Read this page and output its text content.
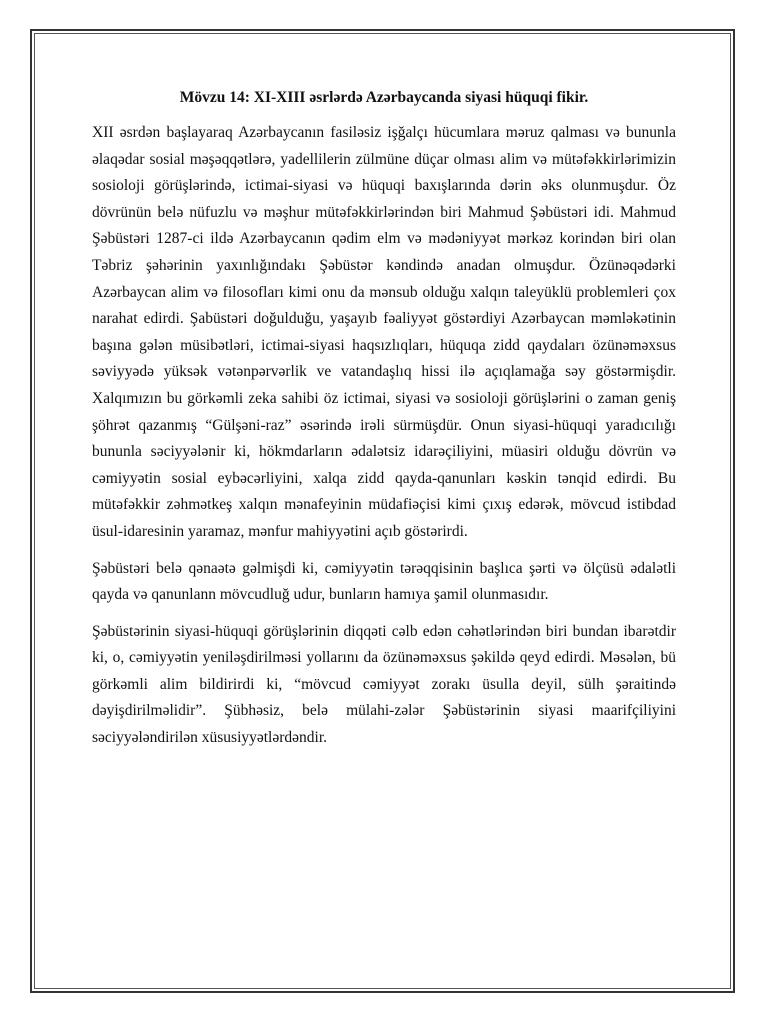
Mövzu 14: XI-XIII əsrlərdə Azərbaycanda siyasi hüquqi fikir.

XII əsrdən başlayaraq Azərbaycanın fasiləsiz işğalçı hücumlara məruz qalması və bununla əlaqədar sosial məşəqqətlərə, yadellilerin zülmüne düçar olması alim və mütəfəkkirlərimizin sosioloji görüşlərində, ictimai-siyasi və hüquqi baxışlarında dərin əks olunmuşdur. Öz dövrünün belə nüfuzlu və məşhur mütəfəkkirlərindən biri Mahmud Şəbüstəri idi. Mahmud Şəbüstəri 1287-ci ildə Azərbaycanın qədim elm və mədəniyyət mərkəz korindən biri olan Təbriz şəhərinin yaxınlığındakı Şəbüstər kəndində anadan olmuşdur. Özünəqədərki Azərbaycan alim və filosofları kimi onu da mənsub olduğu xalqın taleyüklü problemleri çox narahat edirdi. Şabüstəri doğulduğu, yaşayıb fəaliyyət göstərdiyi Azərbaycan məmləkətinin başına gələn müsibətləri, ictimai-siyasi haqsızlıqları, hüquqa zidd qaydaları özünəməxsus səviyyədə yüksək vətənpərvərlik ve vatandaşlıq hissi ilə açıqlamağa səy göstərmişdir. Xalqımızın bu görkəmli zeka sahibi öz ictimai, siyasi və sosioloji görüşlərini o zaman geniş şöhrət qazanmış “Gülşəni-raz” əsərində irəli sürmüşdür. Onun siyasi-hüquqi yaradıcılığı bununla səciyyələnir ki, hökmdarların ədalətsiz idarəçiliyini, müasiri olduğu dövrün və cəmiyyətin sosial eybəcərliyini, xalqa zidd qayda-qanunları kəskin tənqid edirdi. Bu mütəfəkkir zəhmətkeş xalqın mənafeyinin müdafiəçisi kimi çıxış edərək, mövcud istibdad üsul-idaresinin yaramaz, mənfur mahiyyətini açıb göstərirdi.

Şəbüstəri belə qənaətə gəlmişdi ki, cəmiyyətin tərəqqisinin başlıca şərti və ölçüsü ədalətli qayda və qanunlann mövcudluğ udur, bunların hamıya şamil olunmasıdır.

Şəbüstərinin siyasi-hüquqi görüşlərinin diqqəti cəlb edən cəhətlərindən biri bundan ibarətdir ki, o, cəmiyyətin yeniləşdirilməsi yollarını da özünəməxsus şəkildə qeyd edirdi. Məsələn, bü görkəmli alim bildirirdi ki, “mövcud cəmiyyət zorakı üsulla deyil, sülh şəraitində dəyişdirilməlidir”. Şübhəsiz, belə mülahi-zələr Şəbüstərinin siyasi maarifçiliyini səciyyələndirilən xüsusiyyətlərdəndir.
